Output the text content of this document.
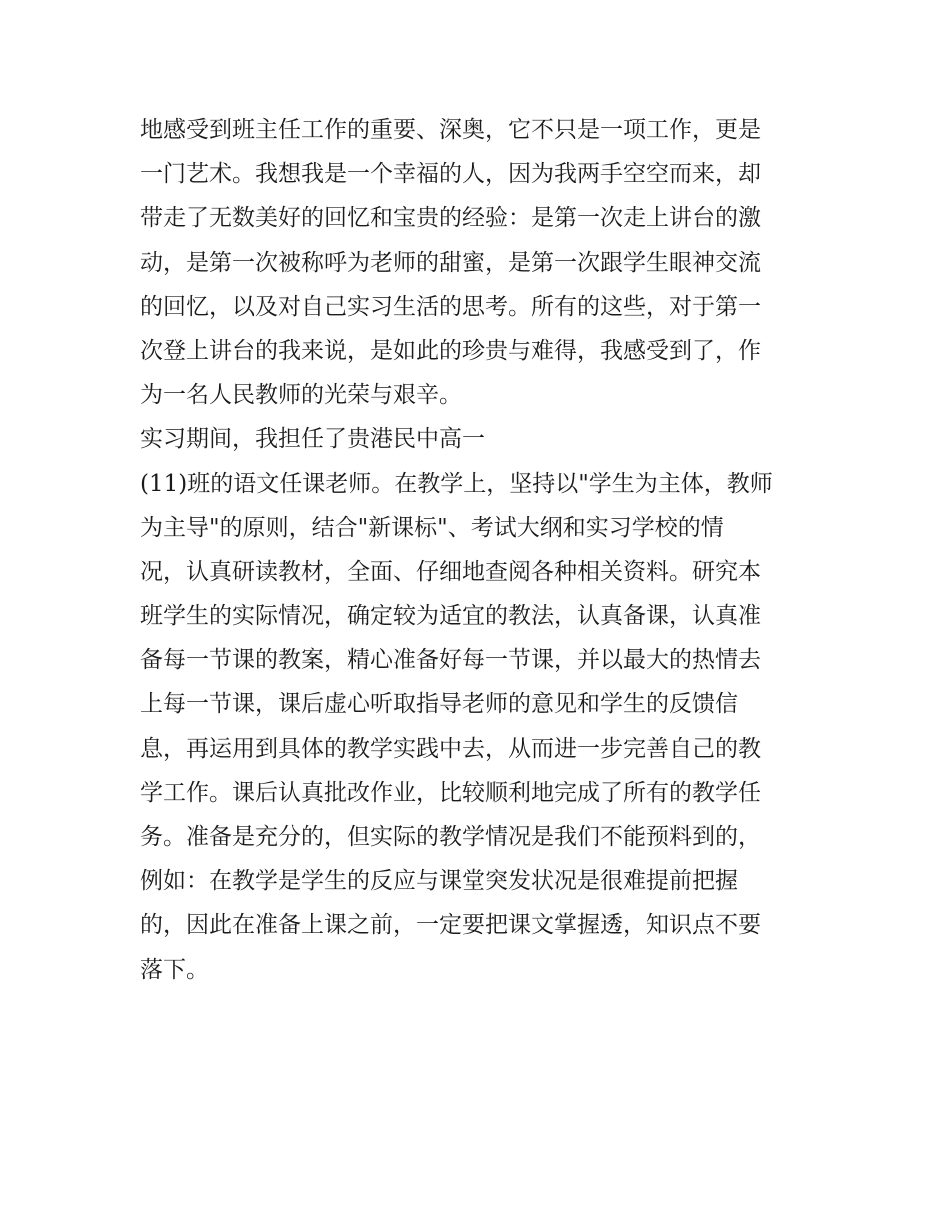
地感受到班主任工作的重要、深奥，它不只是一项工作，更是
一门艺术。我想我是一个幸福的人，因为我两手空空而来，却
带走了无数美好的回忆和宝贵的经验：是第一次走上讲台的激
动，是第一次被称呼为老师的甜蜜，是第一次跟学生眼神交流
的回忆，以及对自己实习生活的思考。所有的这些，对于第一
次登上讲台的我来说，是如此的珍贵与难得，我感受到了，作
为一名人民教师的光荣与艰辛。
实习期间，我担任了贵港民中高一
(11)班的语文任课老师。在教学上，坚持以"学生为主体，教师
为主导"的原则，结合"新课标"、考试大纲和实习学校的情
况，认真研读教材，全面、仔细地查阅各种相关资料。研究本
班学生的实际情况，确定较为适宜的教法，认真备课，认真准
备每一节课的教案，精心准备好每一节课，并以最大的热情去
上每一节课，课后虚心听取指导老师的意见和学生的反馈信
息，再运用到具体的教学实践中去，从而进一步完善自己的教
学工作。课后认真批改作业，比较顺利地完成了所有的教学任
务。准备是充分的，但实际的教学情况是我们不能预料到的，
例如：在教学是学生的反应与课堂突发状况是很难提前把握
的，因此在准备上课之前，一定要把课文掌握透，知识点不要
落下。
